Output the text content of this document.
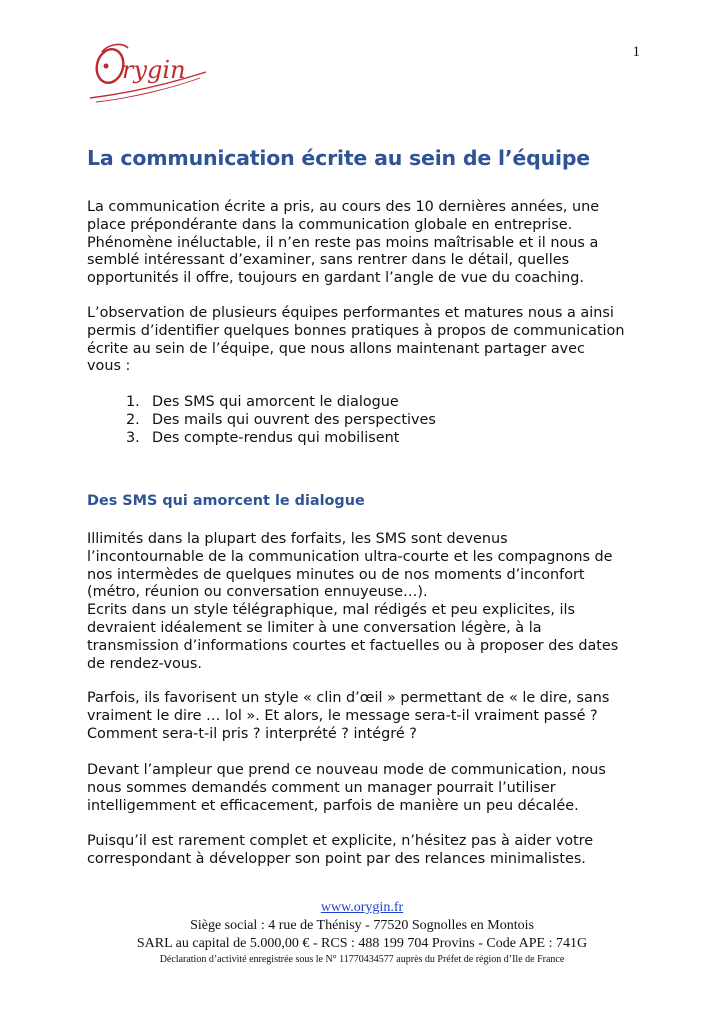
1
rygin
La communication écrite au sein de l’équipe

La communication écrite a pris, au cours des 10 dernières années, une
place prépondérante dans la communication globale en entreprise.
Phénomène inéluctable, il n’en reste pas moins maîtrisable et il nous a
semblé intéressant d’examiner, sans rentrer dans le détail, quelles
opportunités il offre, toujours en gardant l’angle de vue du coaching.

L’observation de plusieurs équipes performantes et matures nous a ainsi
permis d’identifier quelques bonnes pratiques à propos de communication
écrite au sein de l’équipe, que nous allons maintenant partager avec
vous :

1. Des SMS qui amorcent le dialogue
2. Des mails qui ouvrent des perspectives
3. Des compte-rendus qui mobilisent
Des SMS qui amorcent le dialogue

Illimités dans la plupart des forfaits, les SMS sont devenus
l’incontournable de la communication ultra-courte et les compagnons de
nos intermèdes de quelques minutes ou de nos moments d’inconfort
(métro, réunion ou conversation ennuyeuse…).
Ecrits dans un style télégraphique, mal rédigés et peu explicites, ils
devraient idéalement se limiter à une conversation légère, à la
transmission d’informations courtes et factuelles ou à proposer des dates
de rendez-vous.

Parfois, ils favorisent un style « clin d’œil » permettant de « le dire, sans
vraiment le dire … lol ». Et alors, le message sera-t-il vraiment passé ?
Comment sera-t-il pris ? interprété ? intégré ?

Devant l’ampleur que prend ce nouveau mode de communication, nous
nous sommes demandés comment un manager pourrait l’utiliser
intelligemment et efficacement, parfois de manière un peu décalée.

Puisqu’il est rarement complet et explicite, n’hésitez pas à aider votre
correspondant à développer son point par des relances minimalistes.

www.orygin.fr
Siège social : 4 rue de Thénisy - 77520 Sognolles en Montois
SARL au capital de 5.000,00 € - RCS : 488 199 704 Provins - Code APE : 741G
Déclaration d’activité enregistrée sous le N° 11770434577 auprès du Préfet de région d’Ile de France
